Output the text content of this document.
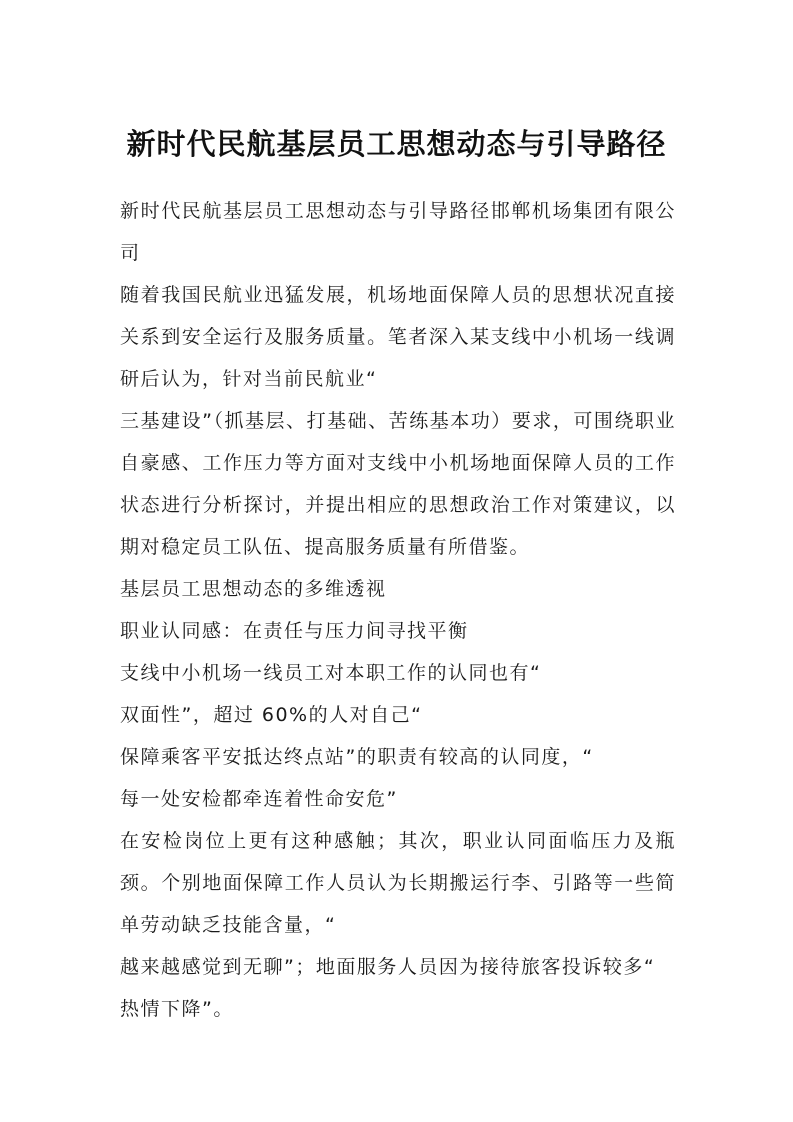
新时代民航基层员工思想动态与引导路径

新时代民航基层员工思想动态与引导路径邯郸机场集团有限公司

随着我国民航业迅猛发展，机场地面保障人员的思想状况直接关系到安全运行及服务质量。笔者深入某支线中小机场一线调研后认为，针对当前民航业“

三基建设”（抓基层、打基础、苦练基本功）要求，可围绕职业自豪感、工作压力等方面对支线中小机场地面保障人员的工作状态进行分析探讨，并提出相应的思想政治工作对策建议，以期对稳定员工队伍、提高服务质量有所借鉴。

基层员工思想动态的多维透视

职业认同感：在责任与压力间寻找平衡

支线中小机场一线员工对本职工作的认同也有“

双面性”，超过 60%的人对自己“

保障乘客平安抵达终点站”的职责有较高的认同度，“

每一处安检都牵连着性命安危”

在安检岗位上更有这种感触；其次，职业认同面临压力及瓶颈。个别地面保障工作人员认为长期搬运行李、引路等一些简单劳动缺乏技能含量，“

越来越感觉到无聊”；地面服务人员因为接待旅客投诉较多“

热情下降”。
